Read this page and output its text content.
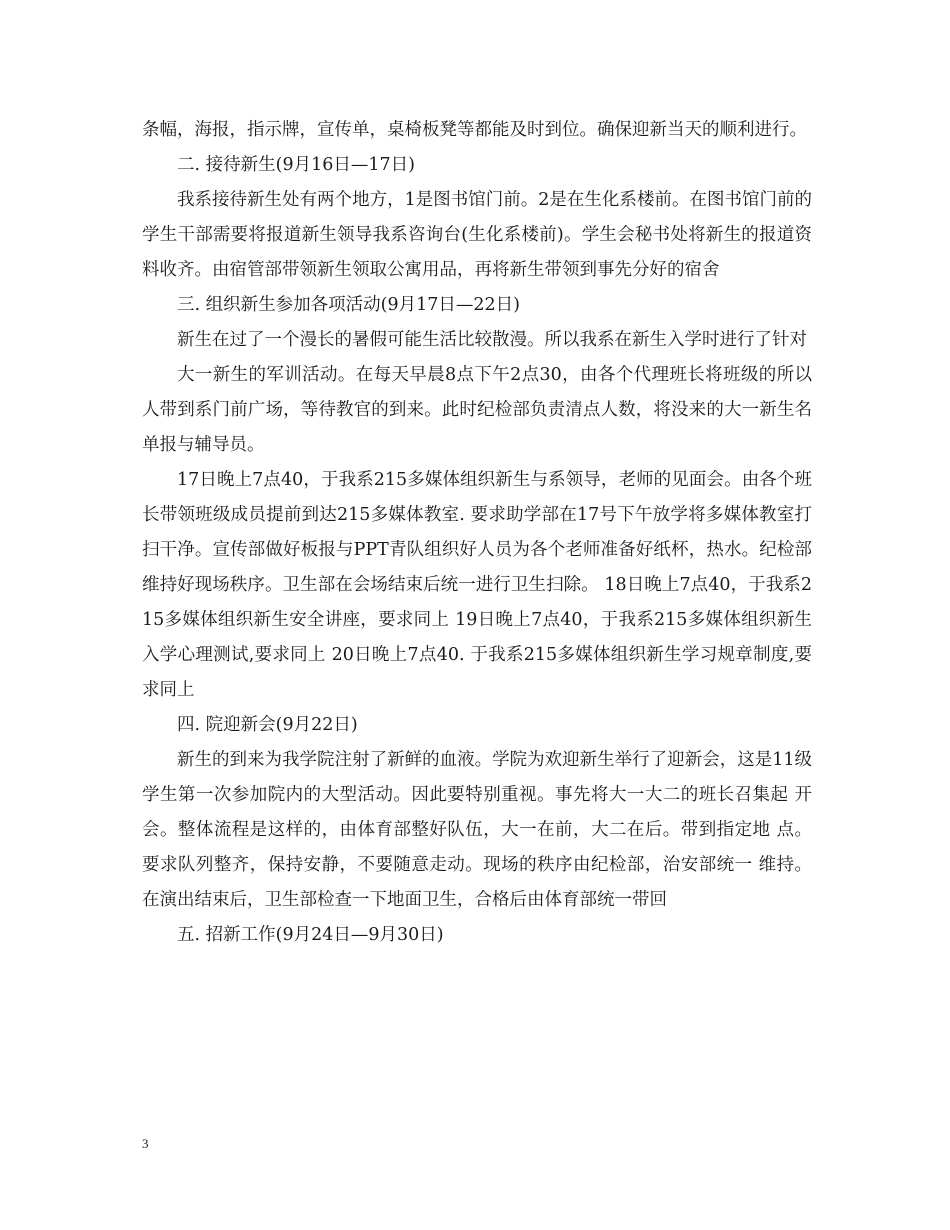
条幅，海报，指示牌，宣传单，桌椅板凳等都能及时到位。确保迎新当天的顺利进行。

二. 接待新生(9月16日—17日)

我系接待新生处有两个地方，1是图书馆门前。2是在生化系楼前。在图书馆门前的学生干部需要将报道新生领导我系咨询台(生化系楼前)。学生会秘书处将新生的报道资料收齐。由宿管部带领新生领取公寓用品，再将新生带领到事先分好的宿舍

三. 组织新生参加各项活动(9月17日—22日)

新生在过了一个漫长的暑假可能生活比较散漫。所以我系在新生入学时进行了针对

大一新生的军训活动。在每天早晨8点下午2点30，由各个代理班长将班级的所以人带到系门前广场，等待教官的到来。此时纪检部负责清点人数，将没来的大一新生名单报与辅导员。

17日晚上7点40，于我系215多媒体组织新生与系领导，老师的见面会。由各个班长带领班级成员提前到达215多媒体教室. 要求助学部在17号下午放学将多媒体教室打扫干净。宣传部做好板报与PPT青队组织好人员为各个老师准备好纸杯，热水。纪检部维持好现场秩序。卫生部在会场结束后统一进行卫生扫除。 18日晚上7点40，于我系215多媒体组织新生安全讲座，要求同上 19日晚上7点40，于我系215多媒体组织新生入学心理测试,要求同上 20日晚上7点40. 于我系215多媒体组织新生学习规章制度,要求同上

四. 院迎新会(9月22日)

新生的到来为我学院注射了新鲜的血液。学院为欢迎新生举行了迎新会，这是11级 学生第一次参加院内的大型活动。因此要特别重视。事先将大一大二的班长召集起 开会。整体流程是这样的，由体育部整好队伍，大一在前，大二在后。带到指定地 点。要求队列整齐，保持安静，不要随意走动。现场的秩序由纪检部，治安部统一 维持。在演出结束后，卫生部检查一下地面卫生，合格后由体育部统一带回

五. 招新工作(9月24日—9月30日)

3
